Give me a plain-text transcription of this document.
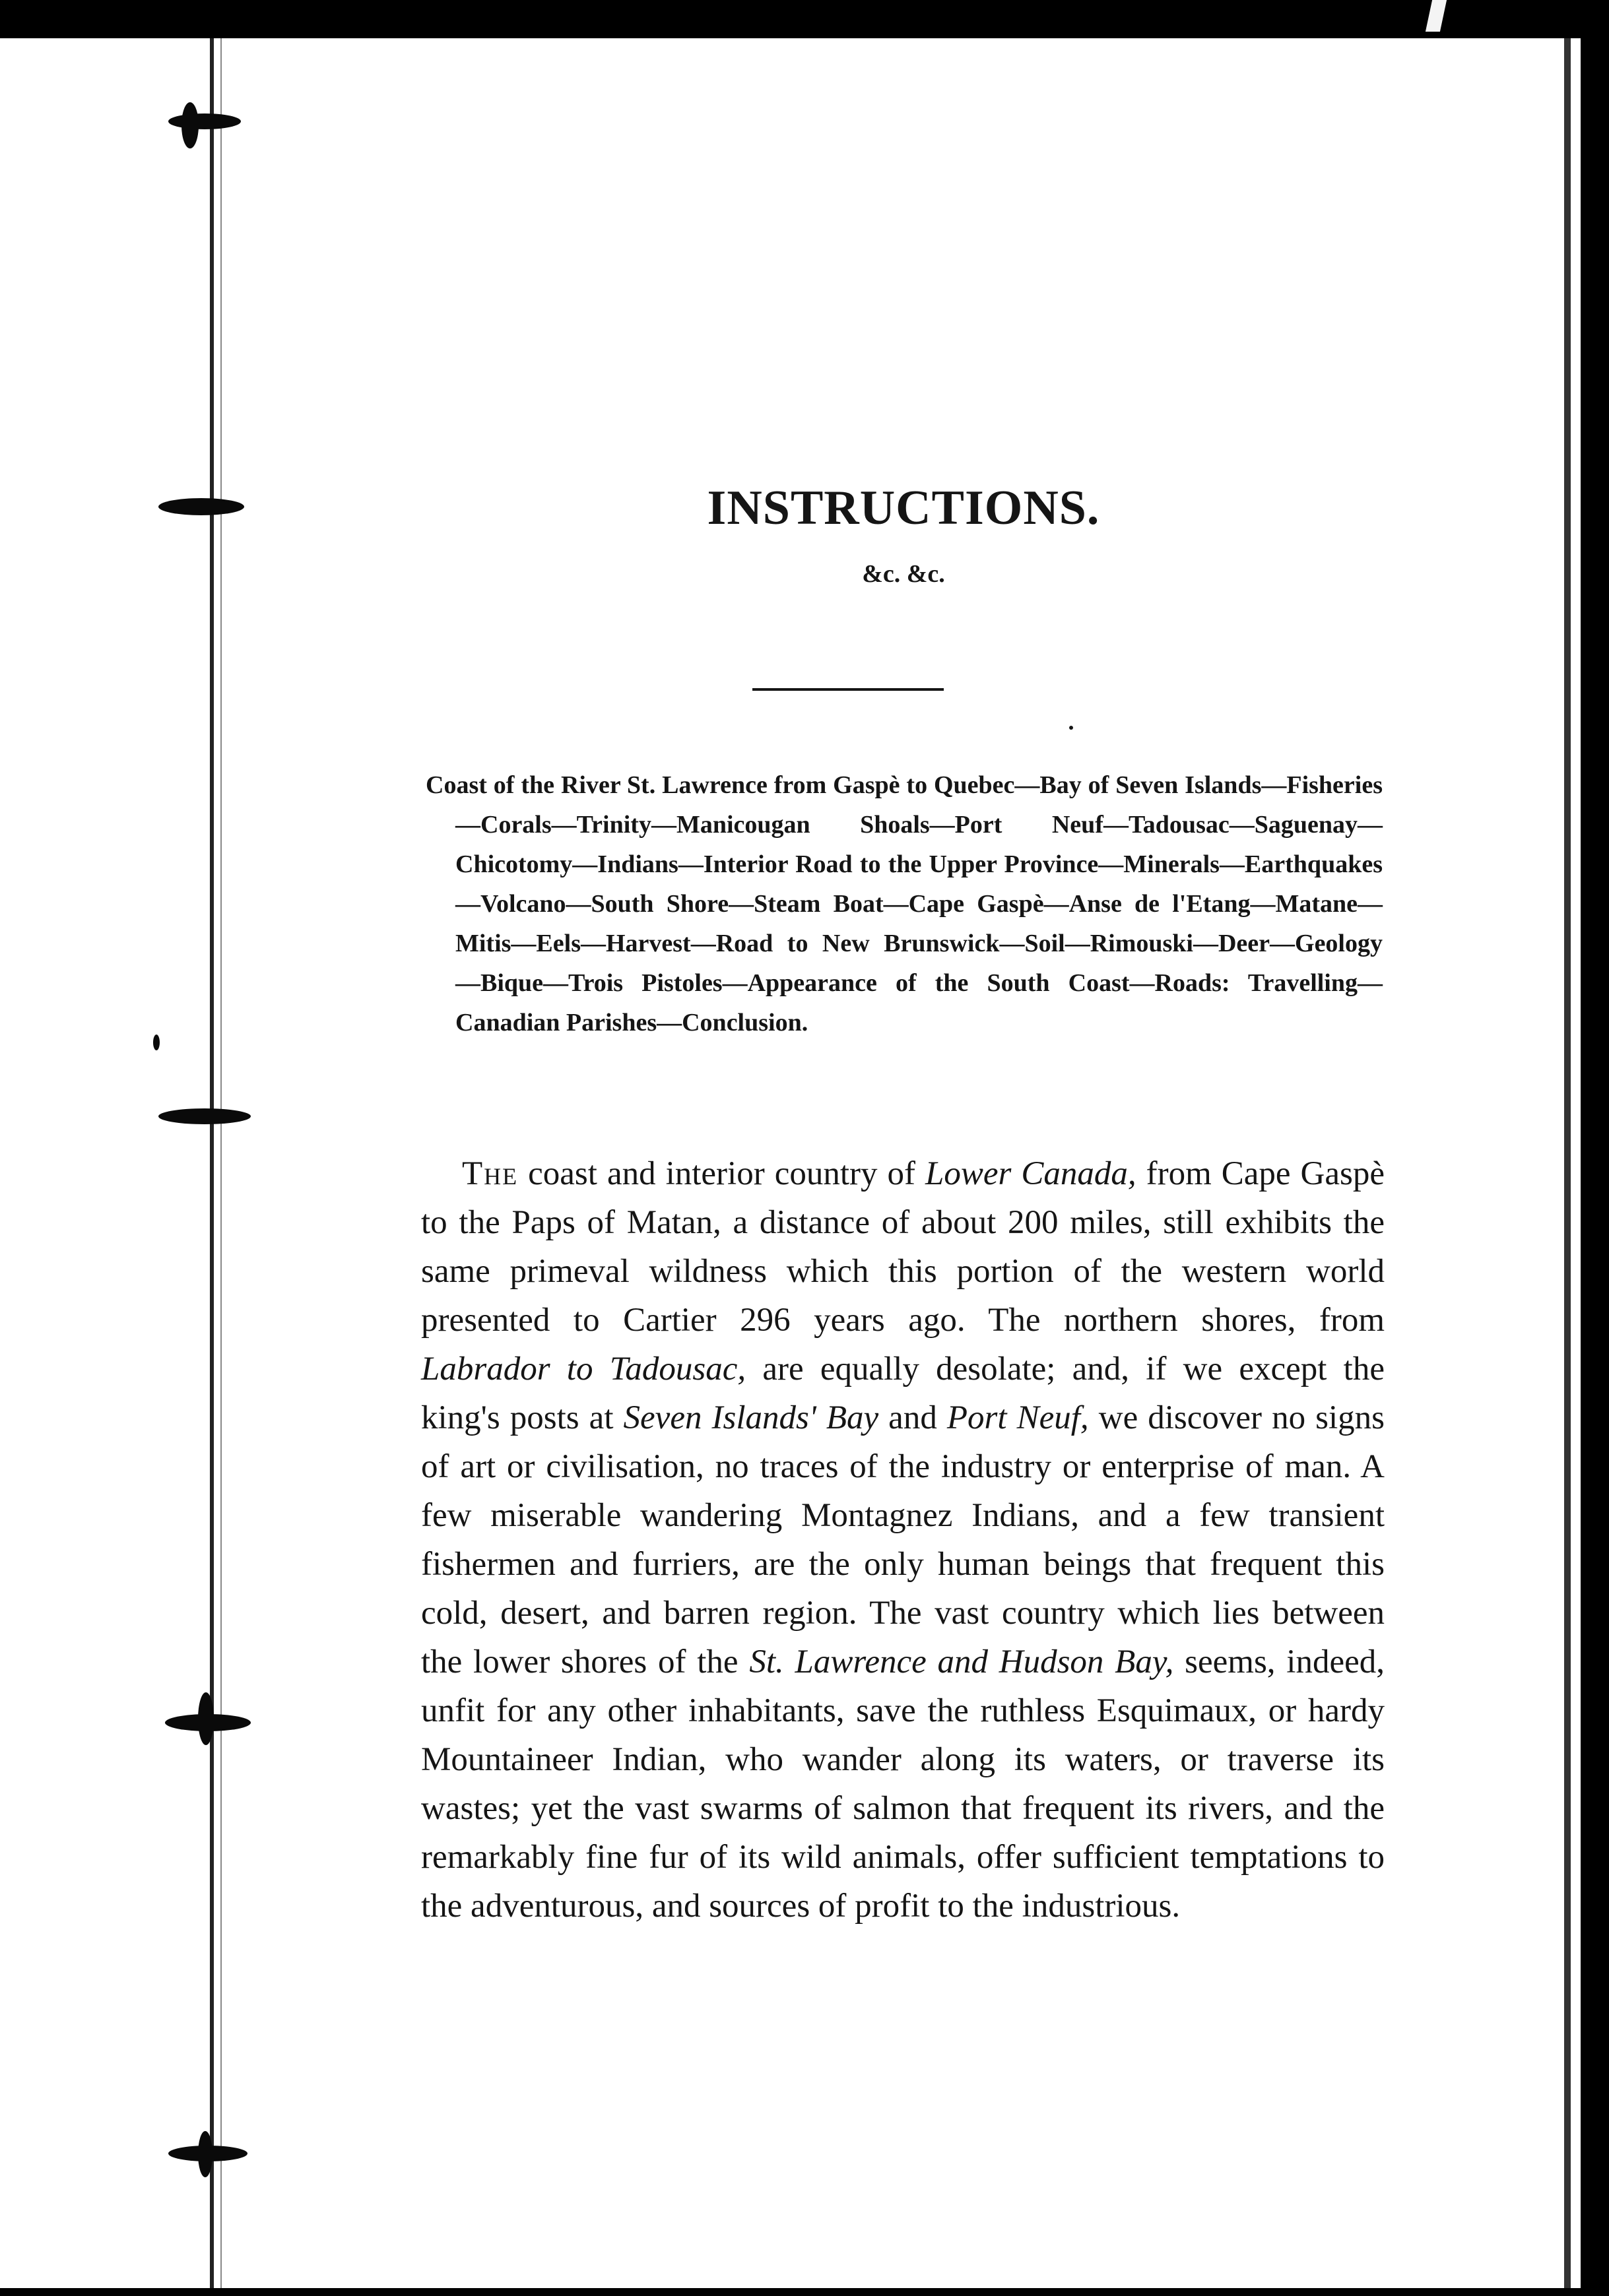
INSTRUCTIONS.
&c. &c.
Coast of the River St. Lawrence from Gaspè to Quebec—Bay of Seven Islands—Fisheries—Corals—Trinity—Manicougan Shoals—Port Neuf—Tadousac—Saguenay—Chicotomy—Indians—Interior Road to the Upper Province—Minerals—Earthquakes—Volcano—South Shore—Steam Boat—Cape Gaspè—Anse de l'Etang—Matane—Mitis—Eels—Harvest—Road to New Brunswick—Soil—Rimouski—Deer—Geology—Bique—Trois Pistoles—Appearance of the South Coast—Roads: Travelling—Canadian Parishes—Conclusion.
The coast and interior country of Lower Canada, from Cape Gaspè to the Paps of Matan, a distance of about 200 miles, still exhibits the same primeval wildness which this portion of the western world presented to Cartier 296 years ago. The northern shores, from Labrador to Tadousac, are equally desolate; and, if we except the king's posts at Seven Islands' Bay and Port Neuf, we discover no signs of art or civilisation, no traces of the industry or enterprise of man. A few miserable wandering Montagnez Indians, and a few transient fishermen and furriers, are the only human beings that frequent this cold, desert, and barren region. The vast country which lies between the lower shores of the St. Lawrence and Hudson Bay, seems, indeed, unfit for any other inhabitants, save the ruthless Esquimaux, or hardy Mountaineer Indian, who wander along its waters, or traverse its wastes; yet the vast swarms of salmon that frequent its rivers, and the remarkably fine fur of its wild animals, offer sufficient temptations to the adventurous, and sources of profit to the industrious.
